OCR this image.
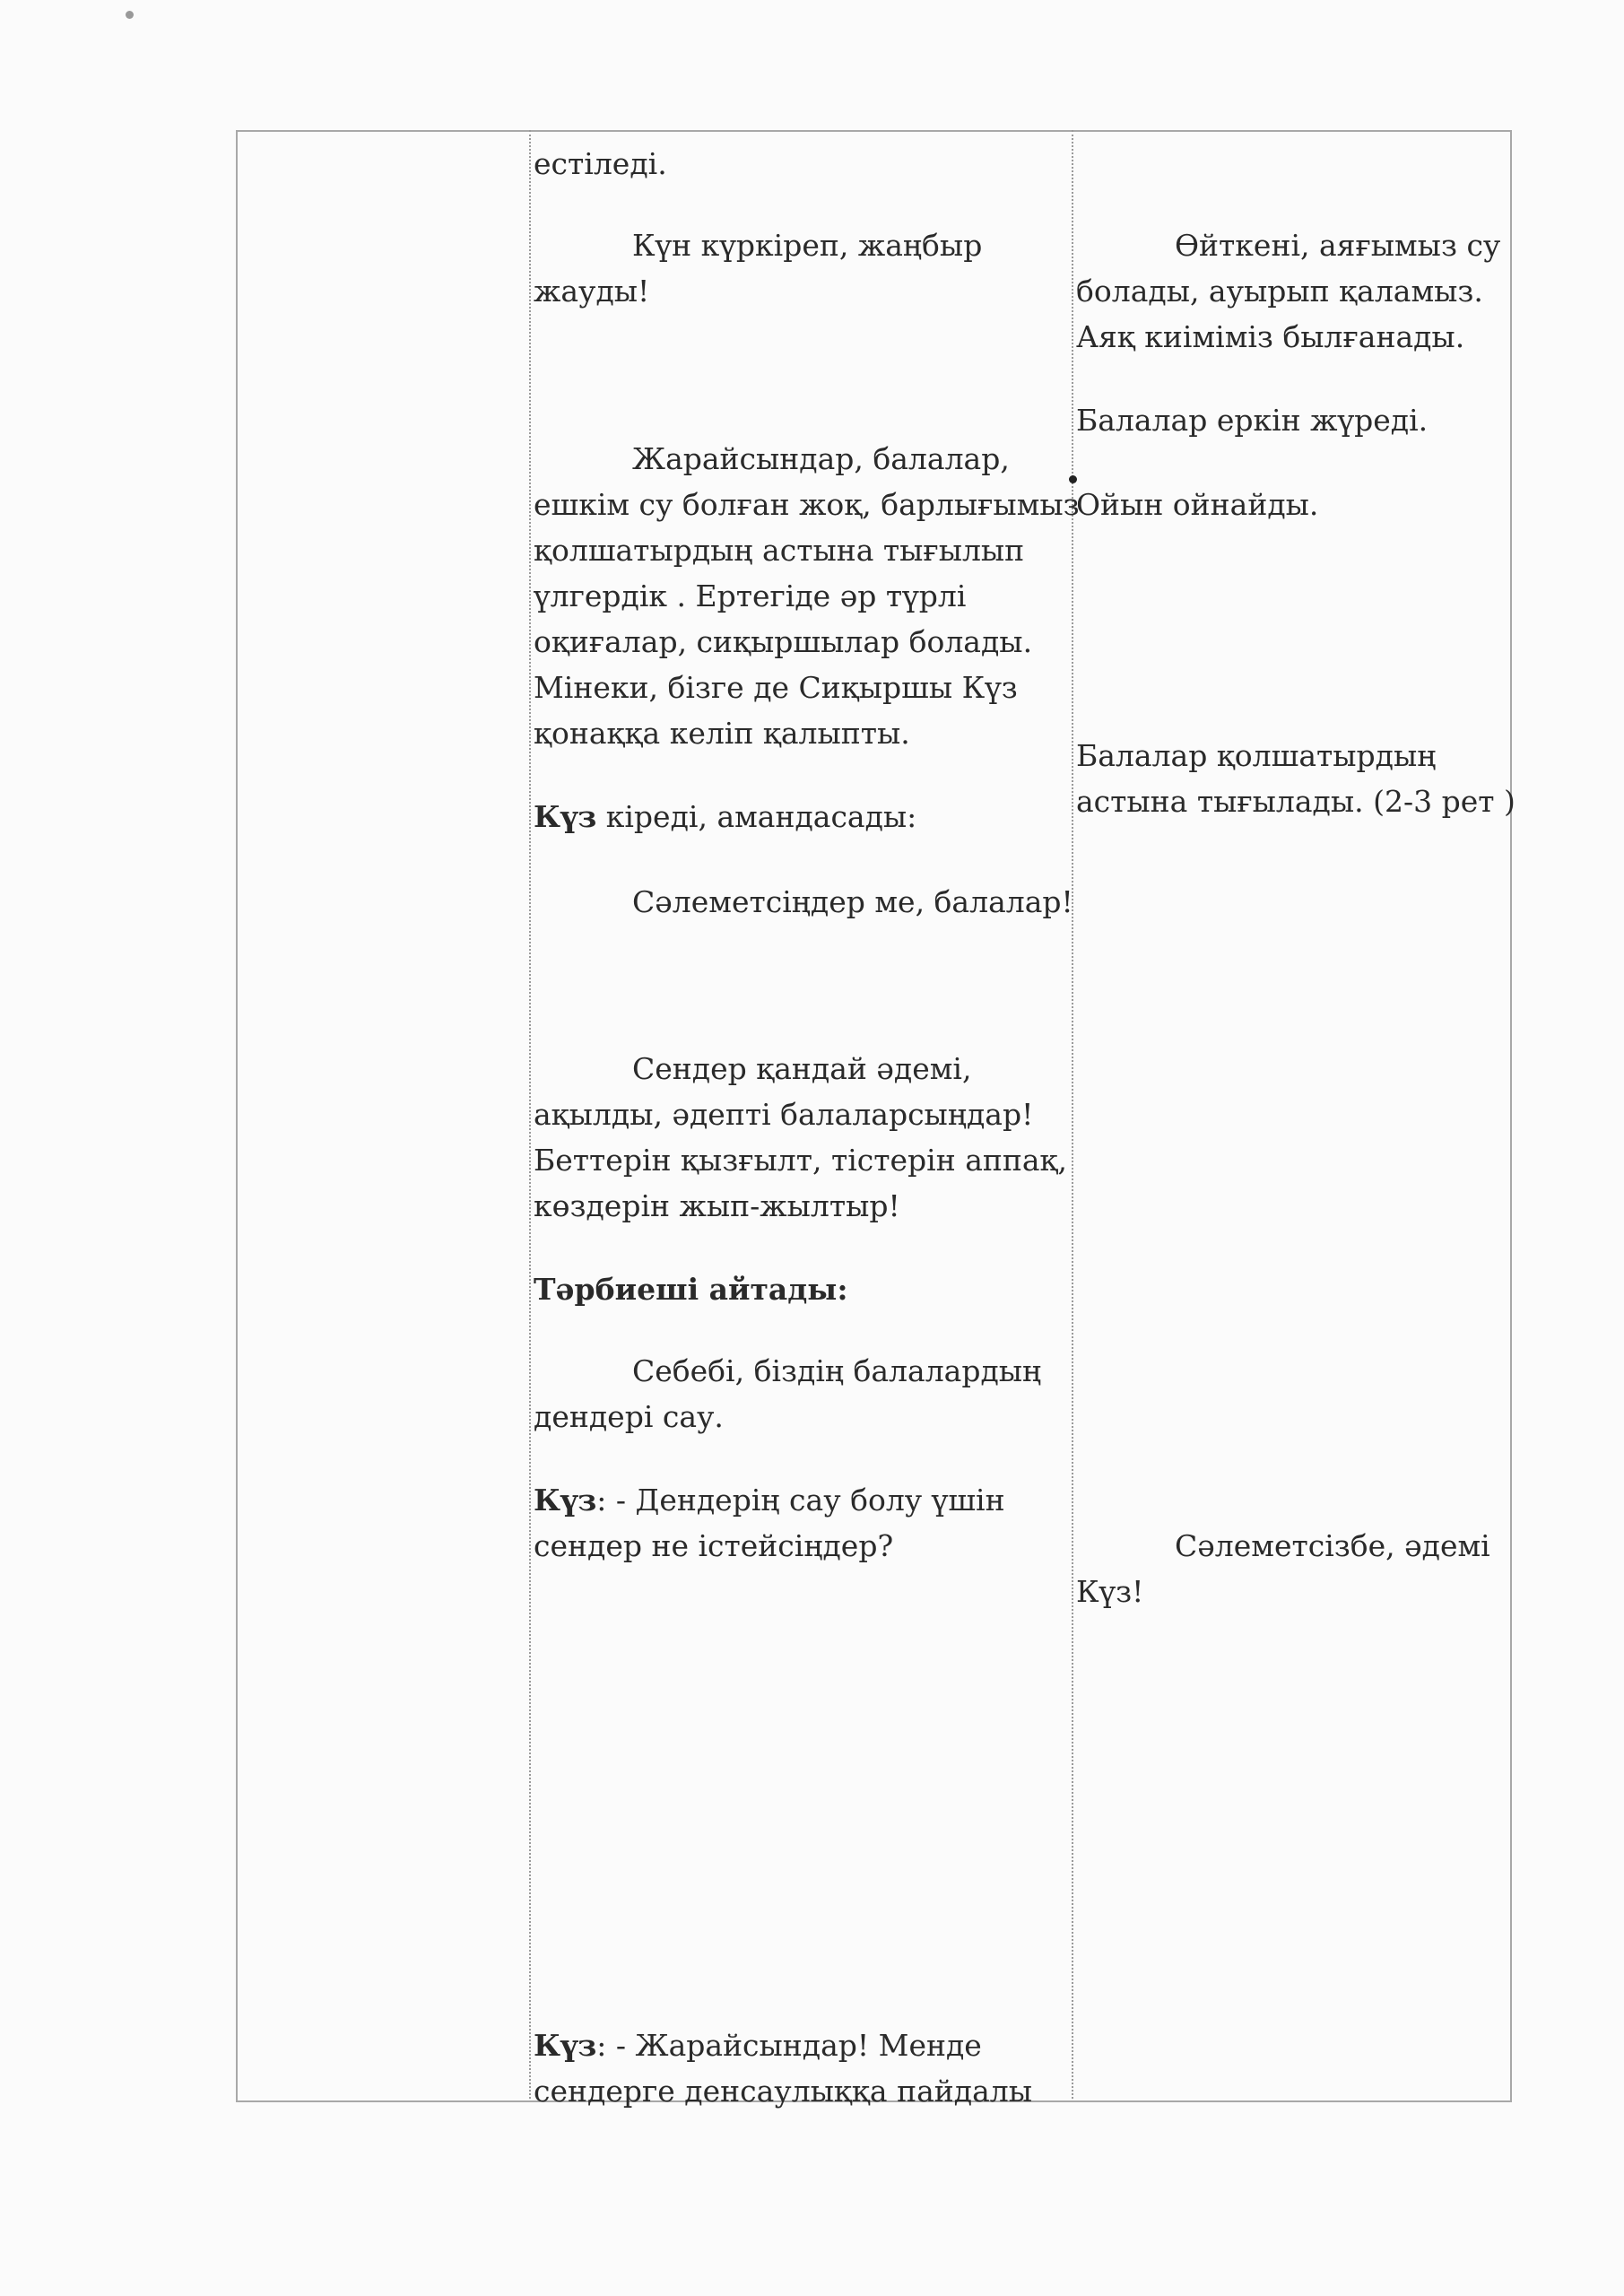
естіледі.
Күн күркіреп, жаңбыр
жауды!
Жарайсындар, балалар,
ешкім су болған жоқ, барлығымыз
қолшатырдың астына тығылып
үлгердік . Ертегіде әр түрлі
оқиғалар, сиқыршылар болады.
Мінеки, бізге де Сиқыршы Күз
қонаққа келіп қалыпты.
Күз кіреді, амандасады:
Сәлеметсіңдер ме, балалар!
Сендер қандай әдемі,
ақылды, әдепті балаларсыңдар!
Беттерін қызғылт, тістерін аппақ,
көздерін жып-жылтыр!
Тәрбиеші айтады:
Себебі, біздің балалардың
дендері сау.
Күз: - Дендерің сау болу үшін
сендер не істейсіңдер?
Күз: - Жарайсындар! Менде
сендерге денсаулыққа пайдалы
Өйткені, аяғымыз су
болады, ауырып қаламыз.
Аяқ киіміміз былғанады.
Балалар еркін жүреді.
Ойын ойнайды.
Балалар қолшатырдың
астына тығылады. (2-3 рет )
Сәлеметсізбе, әдемі
Күз!
